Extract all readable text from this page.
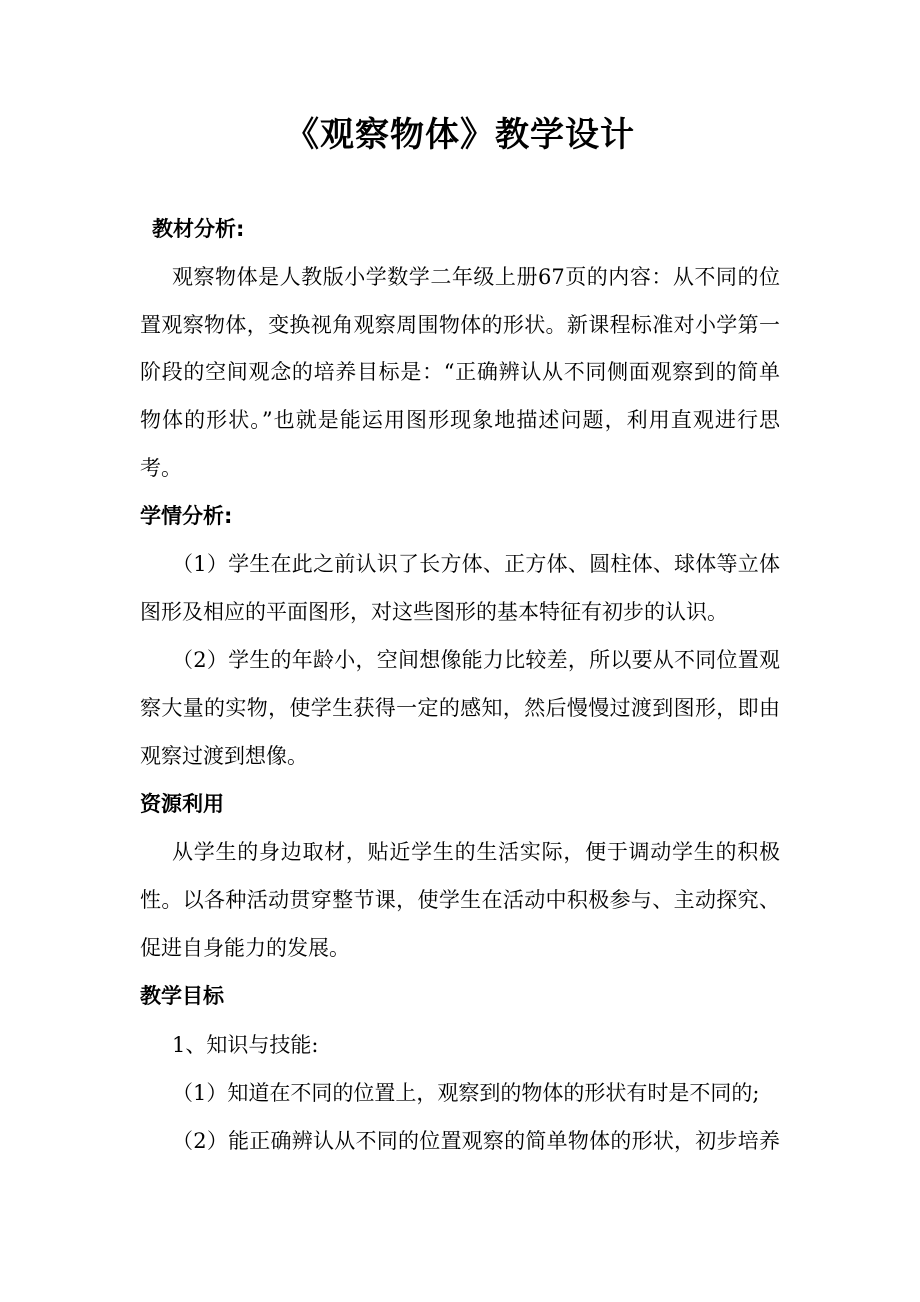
《观察物体》教学设计
教材分析:
观察物体是人教版小学数学二年级上册67页的内容：从不同的位
置观察物体，变换视角观察周围物体的形状。新课程标准对小学第一
阶段的空间观念的培养目标是：“正确辨认从不同侧面观察到的简单
物体的形状。”也就是能运用图形现象地描述问题，利用直观进行思
考。
学情分析:
（1）学生在此之前认识了长方体、正方体、圆柱体、球体等立体
图形及相应的平面图形，对这些图形的基本特征有初步的认识。
（2）学生的年龄小，空间想像能力比较差，所以要从不同位置观
察大量的实物，使学生获得一定的感知，然后慢慢过渡到图形，即由
观察过渡到想像。
资源利用
从学生的身边取材，贴近学生的生活实际，便于调动学生的积极
性。以各种活动贯穿整节课，使学生在活动中积极参与、主动探究、
促进自身能力的发展。
教学目标
1、知识与技能:
（1）知道在不同的位置上，观察到的物体的形状有时是不同的;
（2）能正确辨认从不同的位置观察的简单物体的形状，初步培养
